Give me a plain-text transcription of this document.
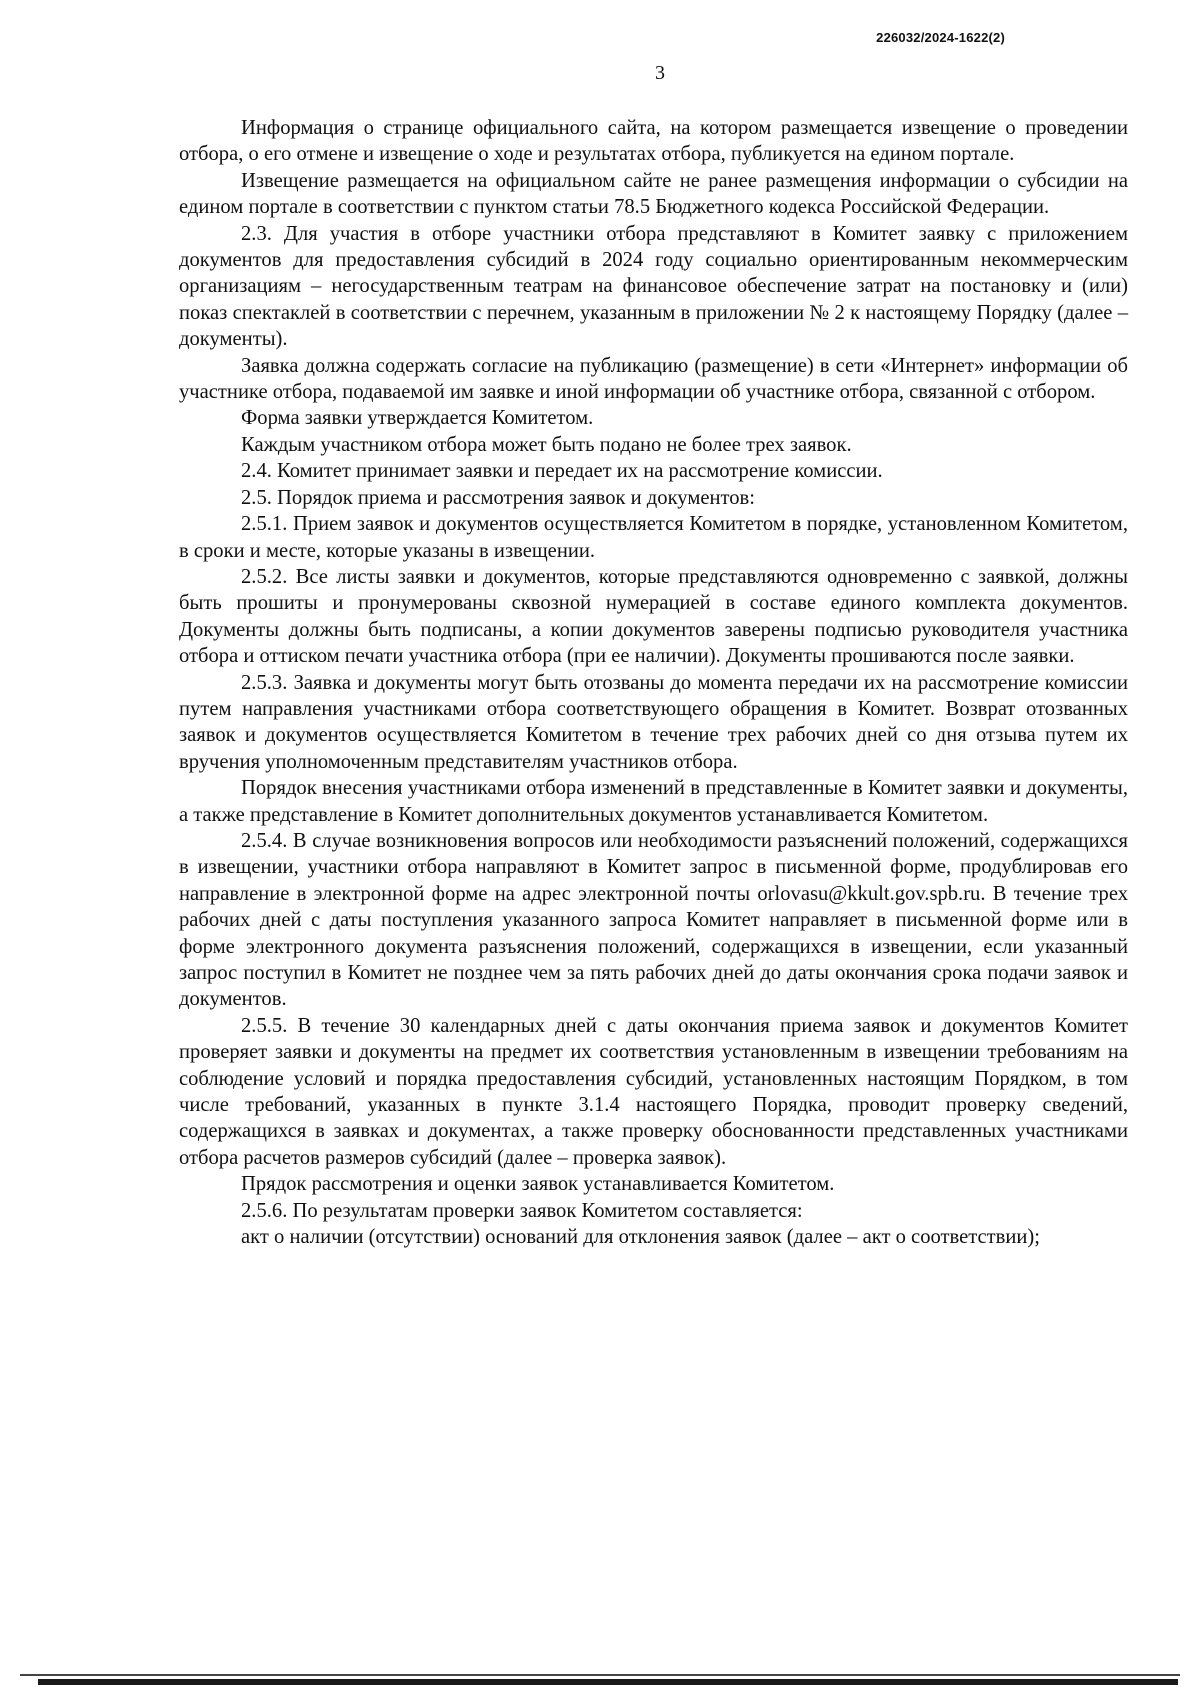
226032/2024-1622(2)
3

Информация о странице официального сайта, на котором размещается извещение о проведении отбора, о его отмене и извещение о ходе и результатах отбора, публикуется на едином портале.

Извещение размещается на официальном сайте не ранее размещения информации о субсидии на едином портале в соответствии с пунктом статьи 78.5 Бюджетного кодекса Российской Федерации.

2.3. Для участия в отборе участники отбора представляют в Комитет заявку с приложением документов для предоставления субсидий в 2024 году социально ориентированным некоммерческим организациям – негосударственным театрам на финансовое обеспечение затрат на постановку и (или) показ спектаклей в соответствии с перечнем, указанным в приложении № 2 к настоящему Порядку (далее – документы).

Заявка должна содержать согласие на публикацию (размещение) в сети «Интернет» информации об участнике отбора, подаваемой им заявке и иной информации об участнике отбора, связанной с отбором.

Форма заявки утверждается Комитетом.

Каждым участником отбора может быть подано не более трех заявок.

2.4. Комитет принимает заявки и передает их на рассмотрение комиссии.

2.5. Порядок приема и рассмотрения заявок и документов:

2.5.1. Прием заявок и документов осуществляется Комитетом в порядке, установленном Комитетом, в сроки и месте, которые указаны в извещении.

2.5.2. Все листы заявки и документов, которые представляются одновременно с заявкой, должны быть прошиты и пронумерованы сквозной нумерацией в составе единого комплекта документов. Документы должны быть подписаны, а копии документов заверены подписью руководителя участника отбора и оттиском печати участника отбора (при ее наличии). Документы прошиваются после заявки.

2.5.3. Заявка и документы могут быть отозваны до момента передачи их на рассмотрение комиссии путем направления участниками отбора соответствующего обращения в Комитет. Возврат отозванных заявок и документов осуществляется Комитетом в течение трех рабочих дней со дня отзыва путем их вручения уполномоченным представителям участников отбора.

Порядок внесения участниками отбора изменений в представленные в Комитет заявки и документы, а также представление в Комитет дополнительных документов устанавливается Комитетом.

2.5.4. В случае возникновения вопросов или необходимости разъяснений положений, содержащихся в извещении, участники отбора направляют в Комитет запрос в письменной форме, продублировав его направление в электронной форме на адрес электронной почты orlovasu@kkult.gov.spb.ru. В течение трех рабочих дней с даты поступления указанного запроса Комитет направляет в письменной форме или в форме электронного документа разъяснения положений, содержащихся в извещении, если указанный запрос поступил в Комитет не позднее чем за пять рабочих дней до даты окончания срока подачи заявок и документов.

2.5.5. В течение 30 календарных дней с даты окончания приема заявок и документов Комитет проверяет заявки и документы на предмет их соответствия установленным в извещении требованиям на соблюдение условий и порядка предоставления субсидий, установленных настоящим Порядком, в том числе требований, указанных в пункте 3.1.4 настоящего Порядка, проводит проверку сведений, содержащихся в заявках и документах, а также проверку обоснованности представленных участниками отбора расчетов размеров субсидий (далее – проверка заявок).

Прядок рассмотрения и оценки заявок устанавливается Комитетом.

2.5.6. По результатам проверки заявок Комитетом составляется:

акт о наличии (отсутствии) оснований для отклонения заявок (далее – акт о соответствии);
